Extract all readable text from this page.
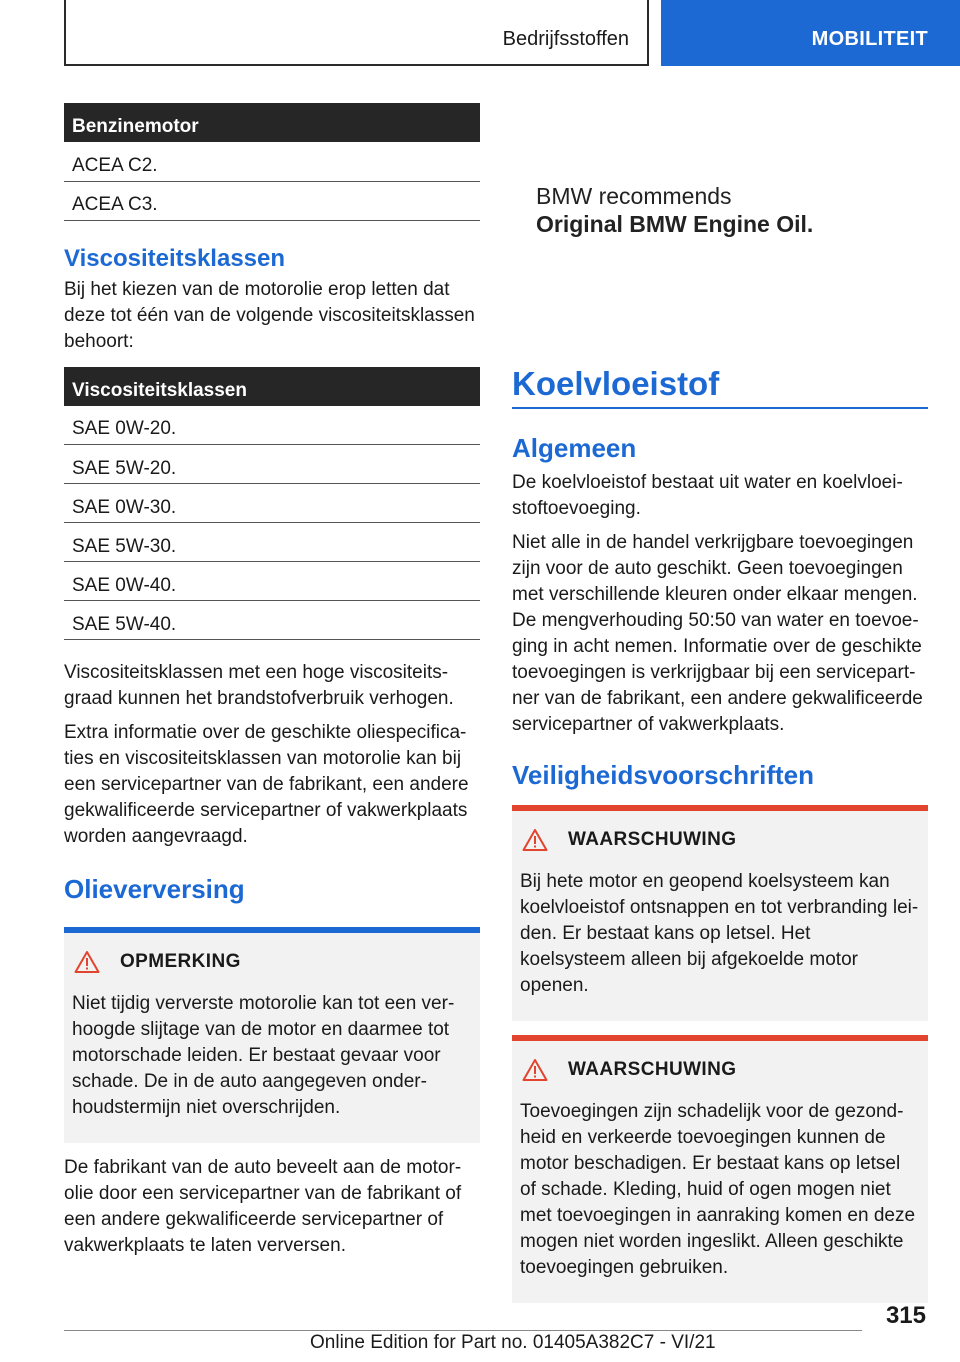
Bedrijfsstoffen	MOBILITEIT
Benzinemotor
ACEA C2.
ACEA C3.
Viscositeitsklassen

Bij het kiezen van de motorolie erop letten dat deze tot één van de volgende viscositeitsklassen behoort:

Viscositeitsklassen
SAE 0W-20.
SAE 5W-20.
SAE 0W-30.
SAE 5W-30.
SAE 0W-40.
SAE 5W-40.

Viscositeitsklassen met een hoge viscositeitsgraad kunnen het brandstofverbruik verhogen.

Extra informatie over de geschikte oliespecificaties en viscositeitsklassen van motorolie kan bij een servicepartner van de fabrikant, een andere gekwalificeerde servicepartner of vakwerkplaats worden aangevraagd.

Olieverversing
OPMERKING
Niet tijdig ververste motorolie kan tot een verhoogde slijtage van de motor en daarmee tot motorschade leiden. Er bestaat gevaar voor schade. De in de auto aangegeven onderhoudstermijn niet overschrijden.

De fabrikant van de auto beveelt aan de motorolie door een servicepartner van de fabrikant of een andere gekwalificeerde servicepartner of vakwerkplaats te laten verversen.

BMW recommends
Original BMW Engine Oil.
Koelvloeistof
Algemeen

De koelvloeistof bestaat uit water en koelvloeistoftoevoeging.

Niet alle in de handel verkrijgbare toevoegingen zijn voor de auto geschikt. Geen toevoegingen met verschillende kleuren onder elkaar mengen. De mengverhouding 50:50 van water en toevoeging in acht nemen. Informatie over de geschikte toevoegingen is verkrijgbaar bij een servicepartner van de fabrikant, een andere gekwalificeerde servicepartner of vakwerkplaats.

Veiligheidsvoorschriften
WAARSCHUWING
Bij hete motor en geopend koelsysteem kan koelvloeistof ontsnappen en tot verbranding leiden. Er bestaat kans op letsel. Het koelsysteem alleen bij afgekoelde motor openen.
WAARSCHUWING
Toevoegingen zijn schadelijk voor de gezondheid en verkeerde toevoegingen kunnen de motor beschadigen. Er bestaat kans op letsel of schade. Kleding, huid of ogen mogen niet met toevoegingen in aanraking komen en deze mogen niet worden ingeslikt. Alleen geschikte toevoegingen gebruiken.
315
Online Edition for Part no. 01405A382C7 - VI/21
